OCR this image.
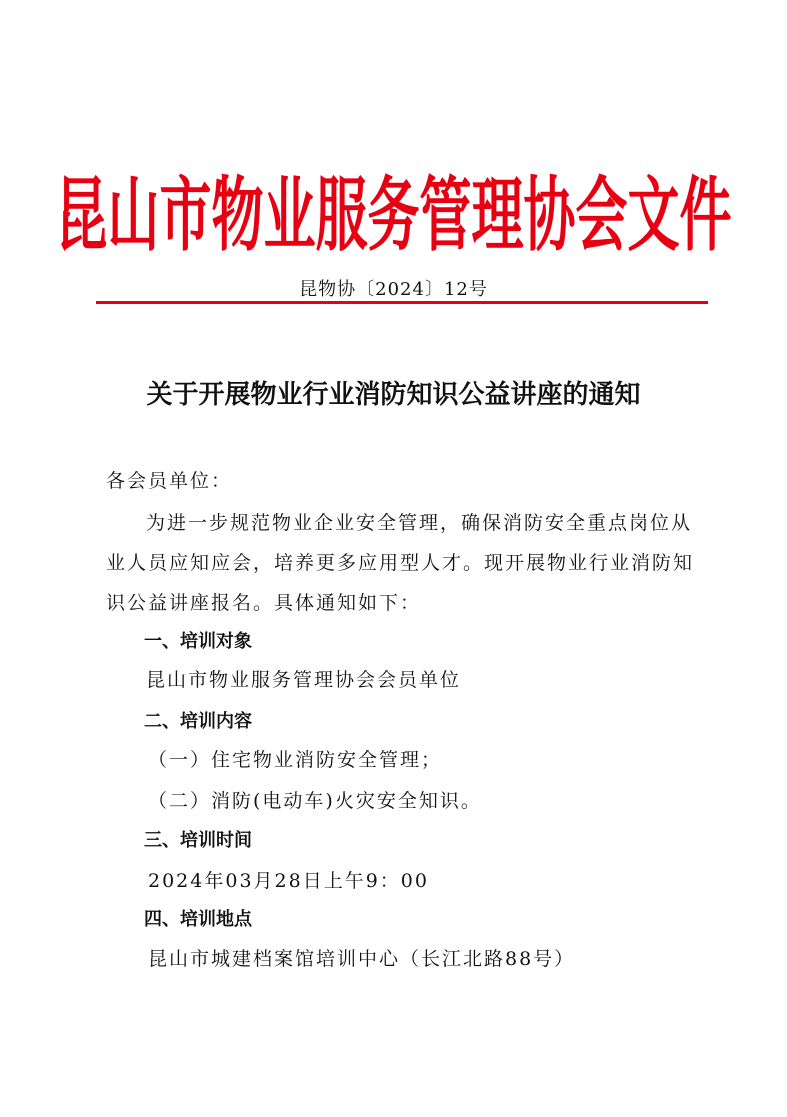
昆山市物业服务管理协会文件
昆物协〔2024〕12号
关于开展物业行业消防知识公益讲座的通知
各会员单位：
为进一步规范物业企业安全管理，确保消防安全重点岗位从
业人员应知应会，培养更多应用型人才。现开展物业行业消防知
识公益讲座报名。具体通知如下：
一、培训对象
昆山市物业服务管理协会会员单位
二、培训内容
（一）住宅物业消防安全管理；
（二）消防(电动车)火灾安全知识。
三、培训时间
2024年03月28日上午9：00
四、培训地点
昆山市城建档案馆培训中心（长江北路88号）
